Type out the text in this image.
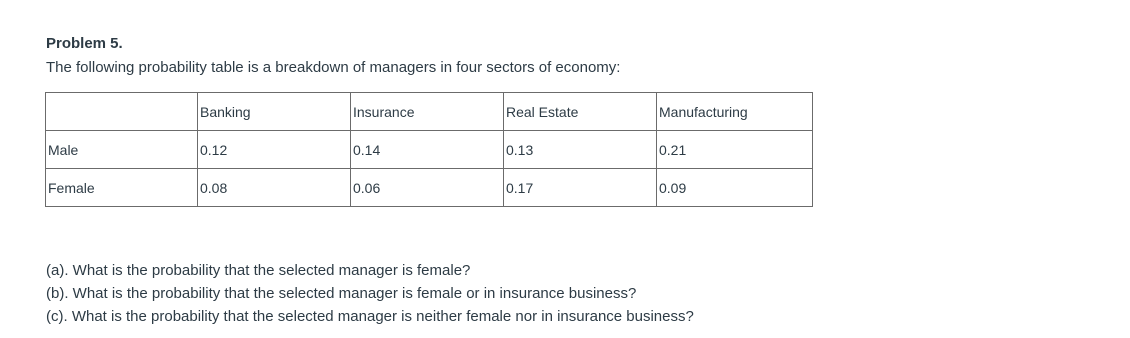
Problem 5.
The following probability table is a breakdown of managers in four sectors of economy:
	Banking	Insurance	Real Estate	Manufacturing
Male	0.12	0.14	0.13	0.21
Female	0.08	0.06	0.17	0.09
(a). What is the probability that the selected manager is female?
(b). What is the probability that the selected manager is female or in insurance business?
(c). What is the probability that the selected manager is neither female nor in insurance business?
